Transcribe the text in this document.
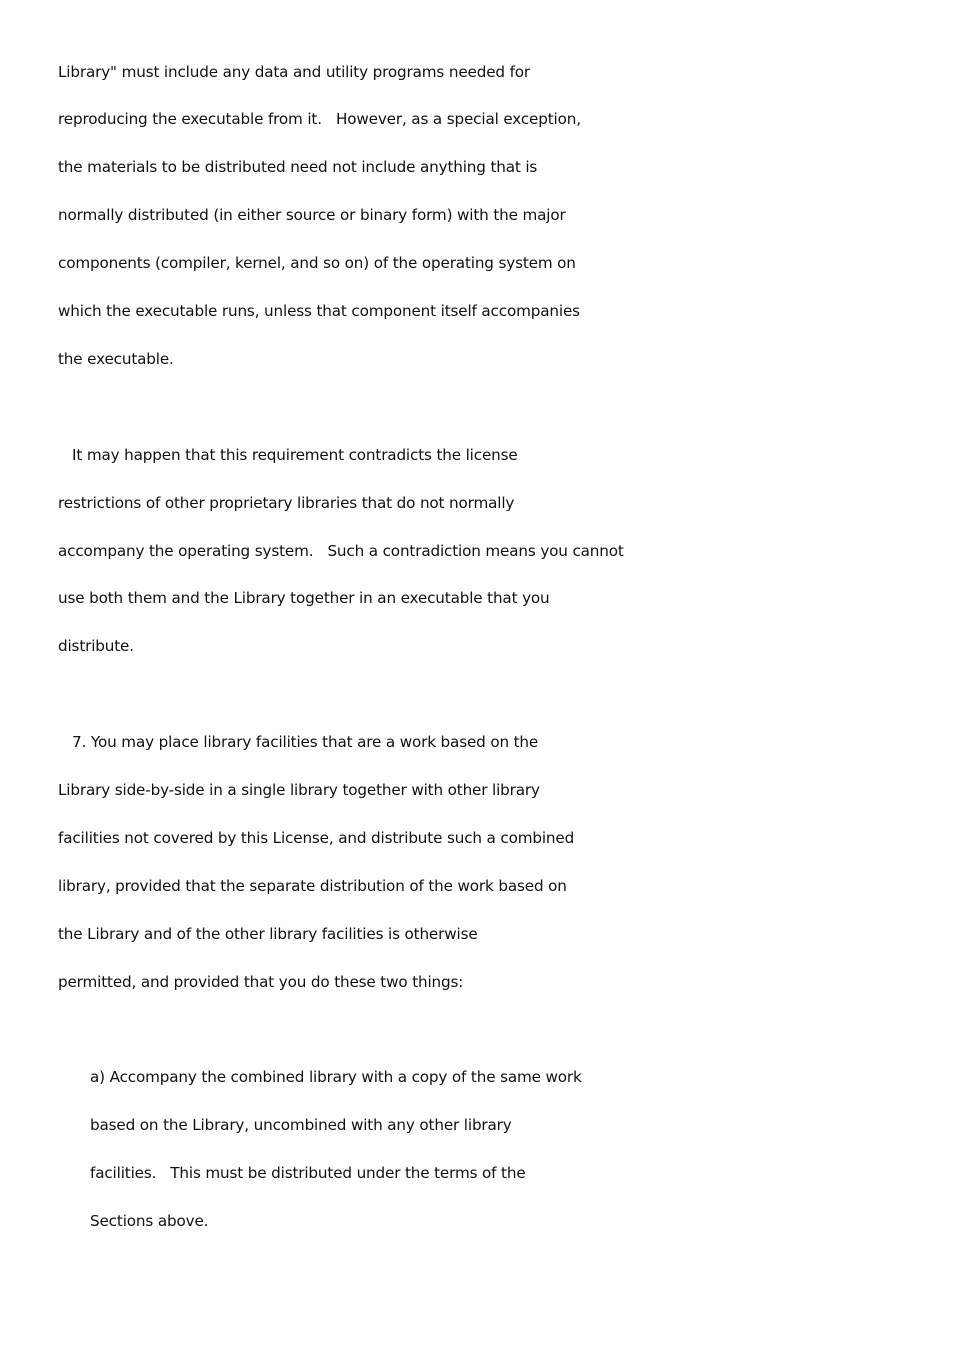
Library" must include any data and utility programs needed for
reproducing the executable from it.   However, as a special exception,
the materials to be distributed need not include anything that is
normally distributed (in either source or binary form) with the major
components (compiler, kernel, and so on) of the operating system on
which the executable runs, unless that component itself accompanies
the executable.
It may happen that this requirement contradicts the license
restrictions of other proprietary libraries that do not normally
accompany the operating system.   Such a contradiction means you cannot
use both them and the Library together in an executable that you
distribute.
7. You may place library facilities that are a work based on the
Library side-by-side in a single library together with other library
facilities not covered by this License, and distribute such a combined
library, provided that the separate distribution of the work based on
the Library and of the other library facilities is otherwise
permitted, and provided that you do these two things:
a) Accompany the combined library with a copy of the same work
based on the Library, uncombined with any other library
facilities.   This must be distributed under the terms of the
Sections above.
